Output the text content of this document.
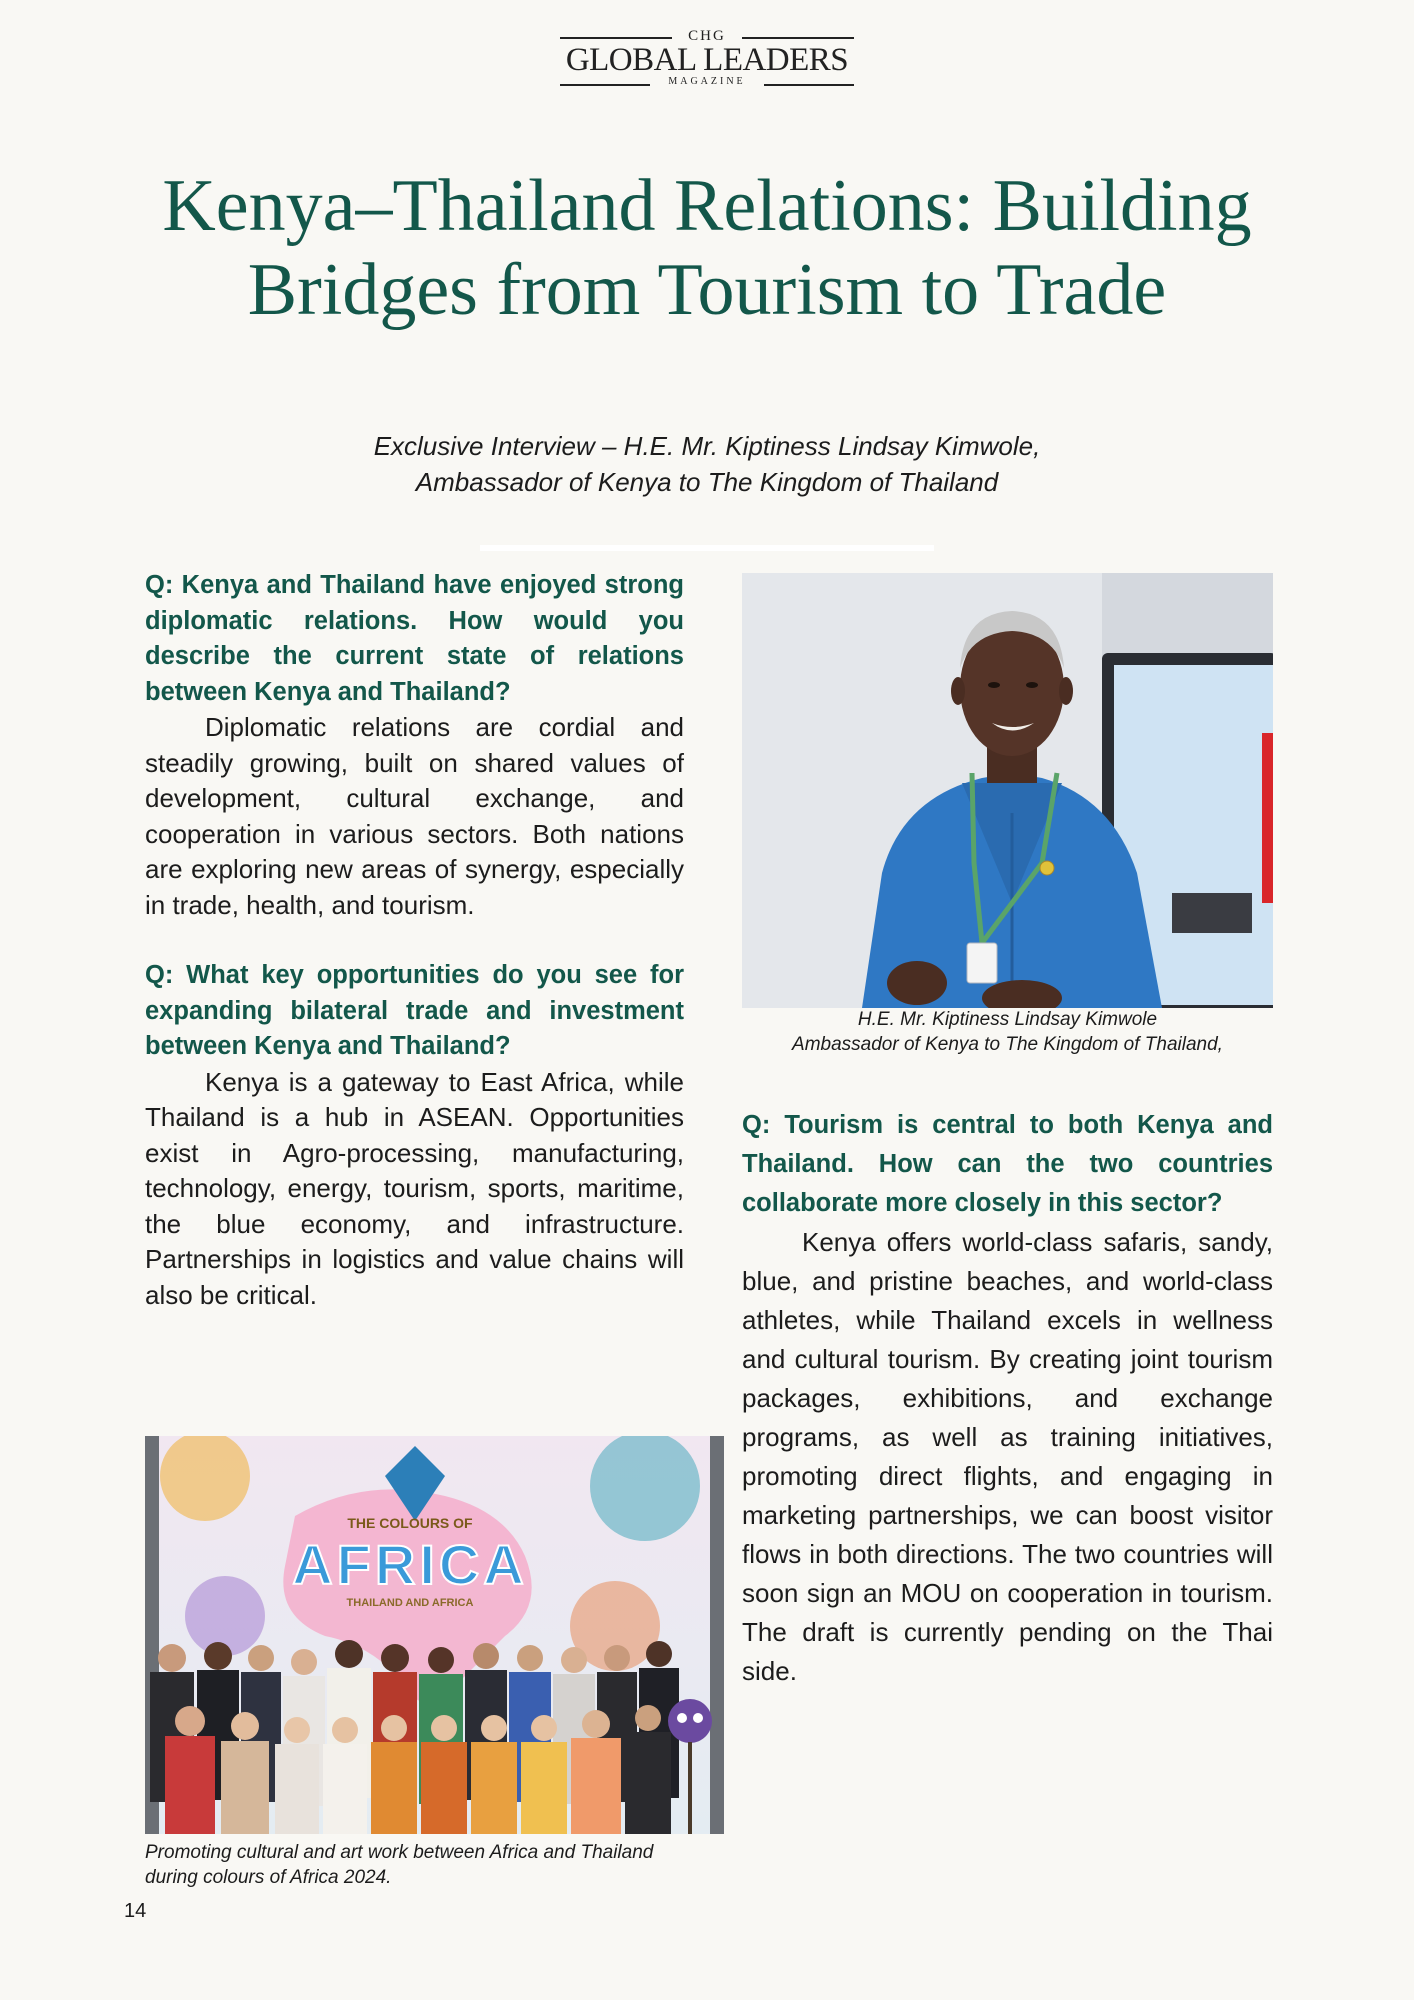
CHG
GLOBAL LEADERS
MAGAZINE
Kenya–Thailand Relations: Building Bridges from Tourism to Trade
Exclusive Interview – H.E. Mr. Kiptiness Lindsay Kimwole,
Ambassador of Kenya to The Kingdom of Thailand

Q: Kenya and Thailand have enjoyed strong diplomatic relations. How would you describe the current state of relations between Kenya and Thailand?

Diplomatic relations are cordial and steadily growing, built on shared values of development, cultural exchange, and cooperation in various sectors. Both nations are exploring new areas of synergy, especially in trade, health, and tourism.

Q: What key opportunities do you see for expanding bilateral trade and investment between Kenya and Thailand?

Kenya is a gateway to East Africa, while Thailand is a hub in ASEAN. Opportunities exist in Agro-processing, manufacturing, technology, energy, tourism, sports, maritime, the blue economy, and infrastructure. Partnerships in logistics and value chains will also be critical.

H.E. Mr. Kiptiness Lindsay Kimwole
Ambassador of Kenya to The Kingdom of Thailand,

Q: Tourism is central to both Kenya and Thailand. How can the two countries collaborate more closely in this sector?

Kenya offers world-class safaris, sandy, blue, and pristine beaches, and world-class athletes, while Thailand excels in wellness and cultural tourism. By creating joint tourism packages, exhibitions, and exchange programs, as well as training initiatives, promoting direct flights, and engaging in marketing partnerships, we can boost visitor flows in both directions. The two countries will soon sign an MOU on cooperation in tourism. The draft is currently pending on the Thai side.

THE COLOURS OF
AFRICA
THAILAND AND AFRICA
Promoting cultural and art work between Africa and Thailand
during colours of Africa 2024.
14
